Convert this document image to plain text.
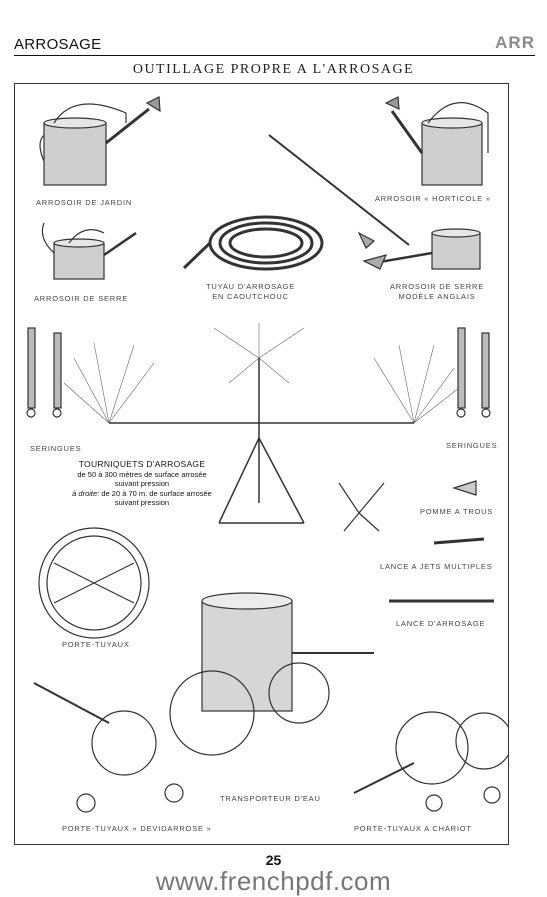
ARROSAGE	ARR
OUTILLAGE PROPRE A L'ARROSAGE
ARROSOIR DE JARDIN	ARROSOIR « HORTICOLE »
ARROSOIR DE SERRE
TUYAU D'ARROSAGE
EN CAOUTCHOUC
ARROSOIR DE SERRE
MODÈLE ANGLAIS
SERINGUES	SERINGUES
POMME A TROUS
LANCE A JETS MULTIPLES
LANCE D'ARROSAGE
PORTE-TUYAUX
TRANSPORTEUR D'EAU
PORTE-TUYAUX « DEVIDARROSE »	PORTE-TUYAUX A CHARIOT
TOURNIQUETS D'ARROSAGE
de 50 à 300 mètres de surface arrosée
suivant pression
à droite: de 20 à 70 m. de surface arrosée
suivant pression
25
www.frenchpdf.com
